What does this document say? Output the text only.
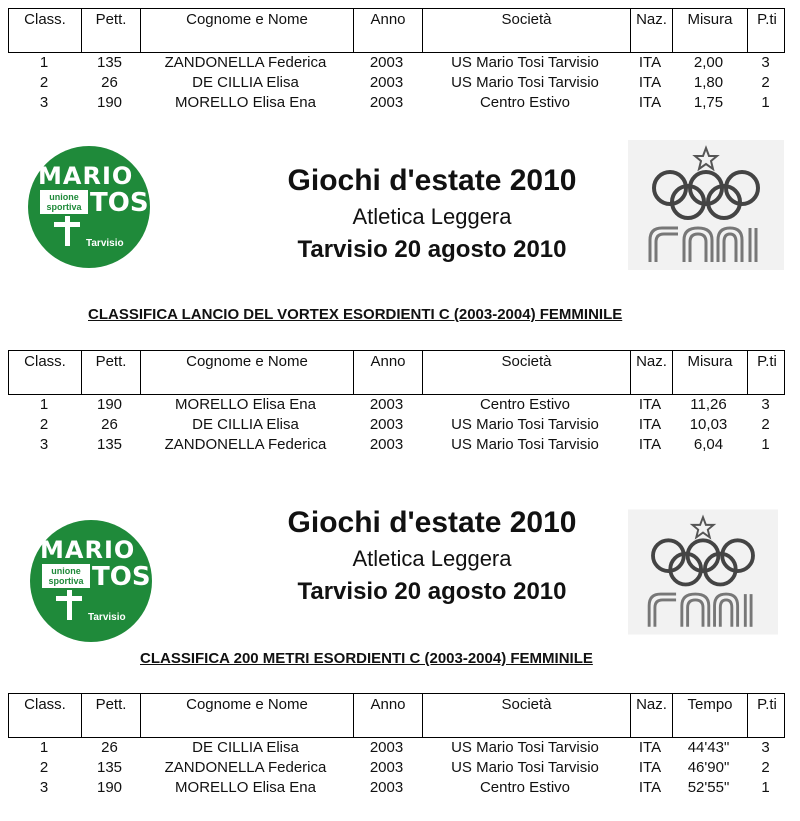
Class.	Pett.	Cognome e Nome	Anno	Società	Naz.	Misura	P.ti
1	135	ZANDONELLA Federica	2003	US Mario Tosi Tarvisio	ITA	2,00	3
2	26	DE CILLIA Elisa	2003	US Mario Tosi Tarvisio	ITA	1,80	2
3	190	MORELLO Elisa Ena	2003	Centro Estivo	ITA	1,75	1
MARIO
TOSI
unione
sportiva
Tarvisio
Giochi d'estate 2010
Atletica Leggera
Tarvisio 20 agosto 2010
CLASSIFICA LANCIO DEL VORTEX ESORDIENTI C (2003-2004) FEMMINILE
Class.	Pett.	Cognome e Nome	Anno	Società	Naz.	Misura	P.ti
1	190	MORELLO Elisa Ena	2003	Centro Estivo	ITA	11,26	3
2	26	DE CILLIA Elisa	2003	US Mario Tosi Tarvisio	ITA	10,03	2
3	135	ZANDONELLA Federica	2003	US Mario Tosi Tarvisio	ITA	6,04	1
MARIO
TOSI
unione
sportiva
Tarvisio
Giochi d'estate 2010
Atletica Leggera
Tarvisio 20 agosto 2010
CLASSIFICA 200 METRI ESORDIENTI C (2003-2004) FEMMINILE
Class.	Pett.	Cognome e Nome	Anno	Società	Naz.	Tempo	P.ti
1	26	DE CILLIA Elisa	2003	US Mario Tosi Tarvisio	ITA	44'43"	3
2	135	ZANDONELLA Federica	2003	US Mario Tosi Tarvisio	ITA	46'90"	2
3	190	MORELLO Elisa Ena	2003	Centro Estivo	ITA	52'55"	1
